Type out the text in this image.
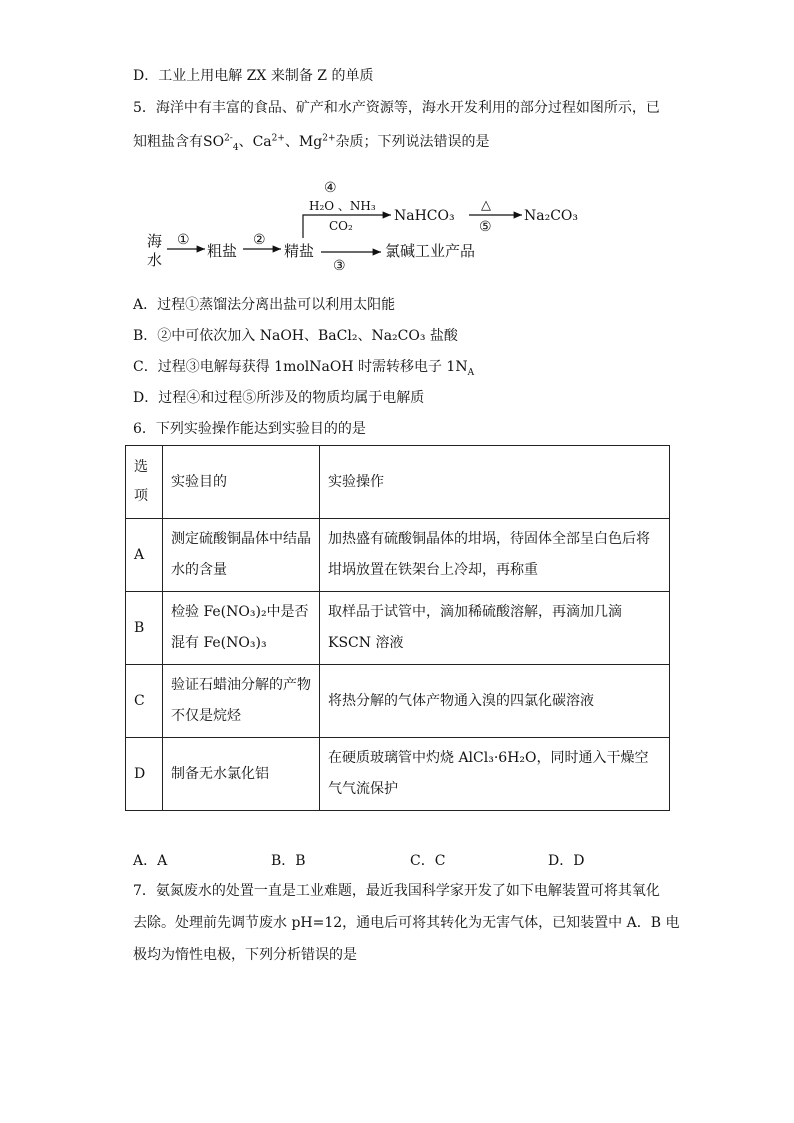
D．工业上用电解 ZX 来制备 Z 的单质
5．海洋中有丰富的食品、矿产和水产资源等，海水开发利用的部分过程如图所示，已
知粗盐含有$SO^{2-}_4$、$Ca^{2+}$、$Mg^{2+}$杂质；下列说法错误的是
海
水
①
粗盐
②
精盐
③
氯碱工业产品
④
H₂O 、NH₃
CO₂
NaHCO₃
△
⑤
Na₂CO₃
A．过程①蒸馏法分离出盐可以利用太阳能
B．②中可依次加入 NaOH、BaCl₂、Na₂CO₃ 盐酸
C．过程③电解每获得 1molNaOH 时需转移电子 $1N_A$
D．过程④和过程⑤所涉及的物质均属于电解质
6．下列实验操作能达到实验目的的是
选项	实验目的	实验操作
A	测定硫酸铜晶体中结晶水的含量	加热盛有硫酸铜晶体的坩埚，待固体全部呈白色后将坩埚放置在铁架台上冷却，再称重
B	检验 Fe(NO₃)₂中是否混有 Fe(NO₃)₃	取样品于试管中，滴加稀硫酸溶解，再滴加几滴 KSCN 溶液
C	验证石蜡油分解的产物不仅是烷烃	将热分解的气体产物通入溴的四氯化碳溶液
D	制备无水氯化铝	在硬质玻璃管中灼烧 AlCl₃·6H₂O，同时通入干燥空气气流保护
A．A	B．B	C．C	D．D
7．氨氮废水的处置一直是工业难题，最近我国科学家开发了如下电解装置可将其氧化
去除。处理前先调节废水 pH=12，通电后可将其转化为无害气体，已知装置中 A．B 电
极均为惰性电极，下列分析错误的是
